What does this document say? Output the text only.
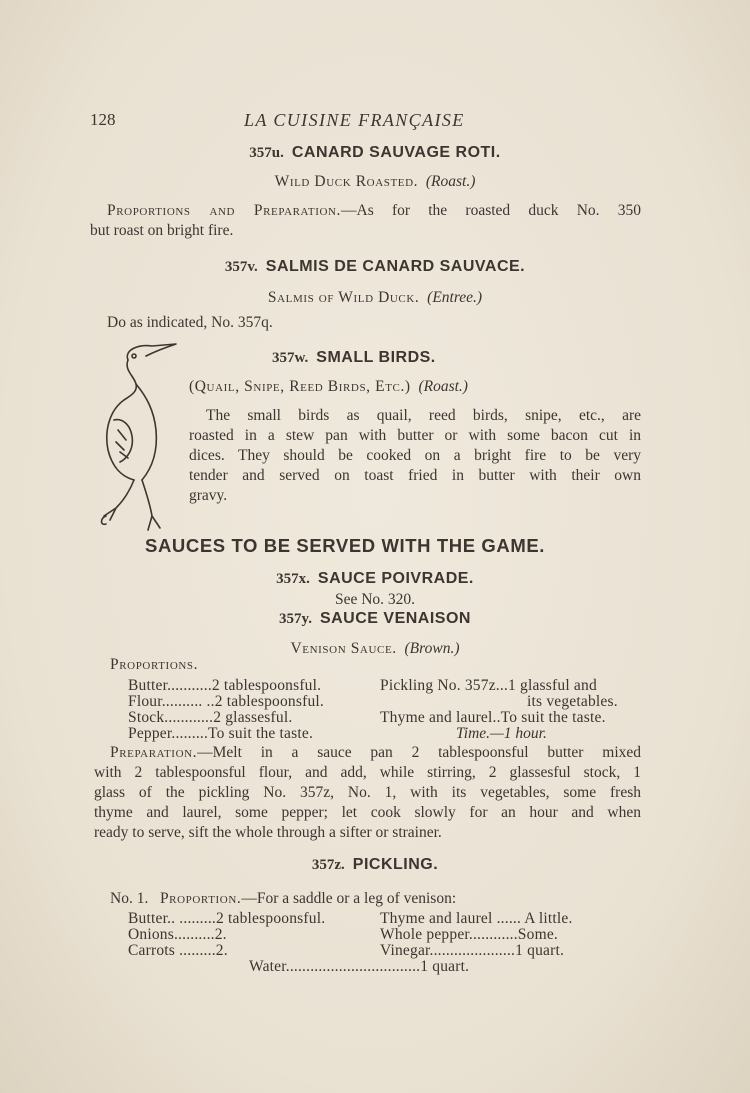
128	LA CUISINE FRANÇAISE
357u. CANARD SAUVAGE ROTI.
Wild Duck Roasted. (Roast.)
Proportions and Preparation.—As for the roasted duck No. 350
but roast on bright fire.
357v. SALMIS DE CANARD SAUVACE.
Salmis of Wild Duck. (Entree.)
Do as indicated, No. 357q.
357w. SMALL BIRDS.
(Quail, Snipe, Reed Birds, Etc.) (Roast.)
The small birds as quail, reed birds, snipe, etc., are
roasted in a stew pan with butter or with some bacon cut in
dices. They should be cooked on a bright fire to be very
tender and served on toast fried in butter with their own
gravy.
SAUCES TO BE SERVED WITH THE GAME.
357x. SAUCE POIVRADE.
See No. 320.
357y. SAUCE VENAISON
Venison Sauce. (Brown.)
Proportions.
Butter...........2 tablespoonsful.
Flour.......... ..2 tablespoonsful.
Stock............2 glassesful.
Pepper.........To suit the taste.
Pickling No. 357z...1 glassful and
its vegetables.
Thyme and laurel..To suit the taste.
Time.—1 hour.
Preparation.—Melt in a sauce pan 2 tablespoonsful butter mixed
with 2 tablespoonsful flour, and add, while stirring, 2 glassesful stock, 1
glass of the pickling No. 357z, No. 1, with its vegetables, some fresh
thyme and laurel, some pepper; let cook slowly for an hour and when
ready to serve, sift the whole through a sifter or strainer.
357z. PICKLING.
No. 1. Proportion.—For a saddle or a leg of venison:
Butter.. .........2 tablespoonsful.
Onions..........2.
Carrots .........2.
Thyme and laurel ...... A little.
Whole pepper............Some.
Vinegar.....................1 quart.
Water.................................1 quart.
